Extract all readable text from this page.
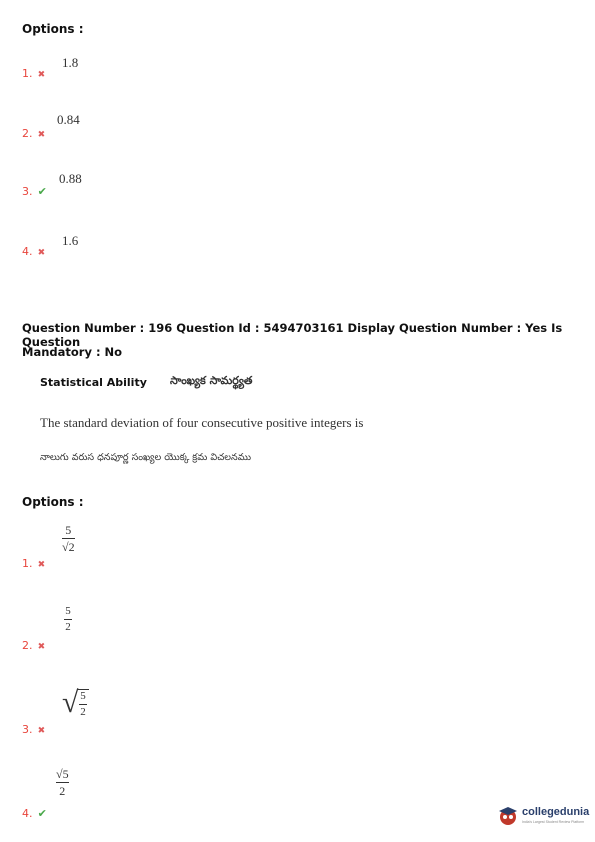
Options :
1. ✖
1.8
2. ✖
0.84
3. ✔
0.88
4. ✖
1.6
Question Number : 196 Question Id : 5494703161 Display Question Number : Yes Is Question
Mandatory : No
Statistical Ability సాంఖ్యక సామర్థ్యత
The standard deviation of four consecutive positive integers is
నాలుగు వరుస ధనపూర్ణ సంఖ్యల యొక్క క్రమ విచలనము
Options :
1. ✖
5
√2
2. ✖
5
2
3. ✖
√ 5
2
4. ✔
√5
2
collegedunia
India's Largest Student Review Platform
